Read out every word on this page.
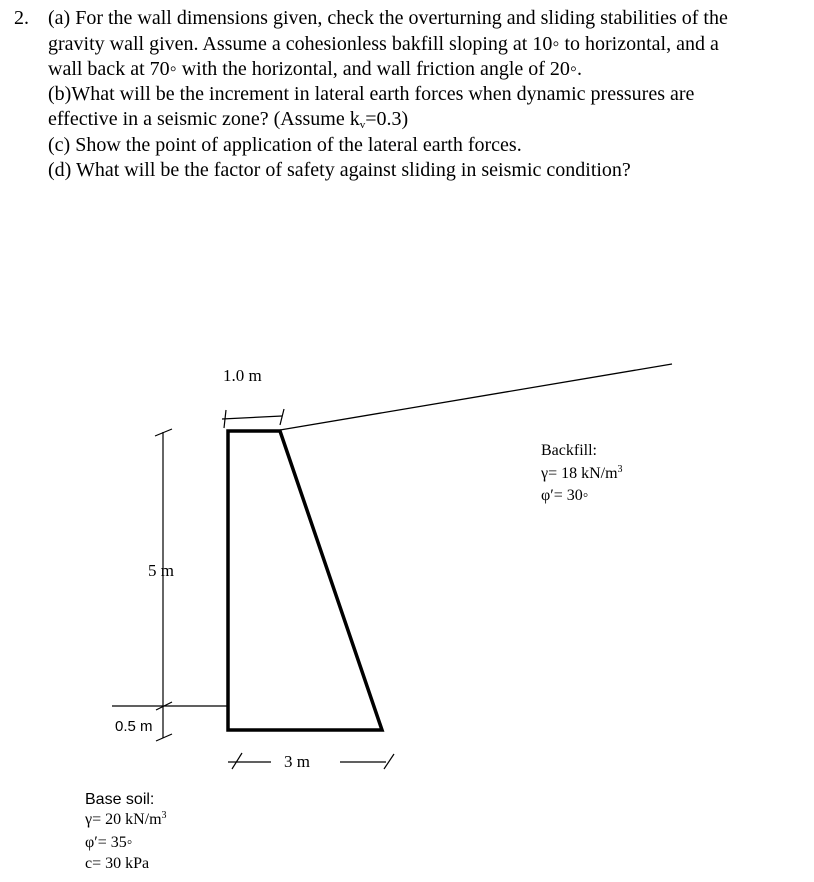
2. (a) For the wall dimensions given, check the overturning and sliding stabilities of the
gravity wall given. Assume a cohesionless bakfill sloping at 10◦ to horizontal, and a
wall back at 70◦ with the horizontal, and wall friction angle of 20◦.
(b)What will be the increment in lateral earth forces when dynamic pressures are
effective in a seismic zone? (Assume $k_v=0.3$)
(c) Show the point of application of the lateral earth forces.
(d) What will be the factor of safety against sliding in seismic condition?
1.0 m
5 m
0.5 m
3 m
Backfill:
γ= 18 $kN/m^3$
φ′= 30◦
Base soil:
γ= 20 $kN/m^3$
φ′= 35◦
c= 30 kPa
